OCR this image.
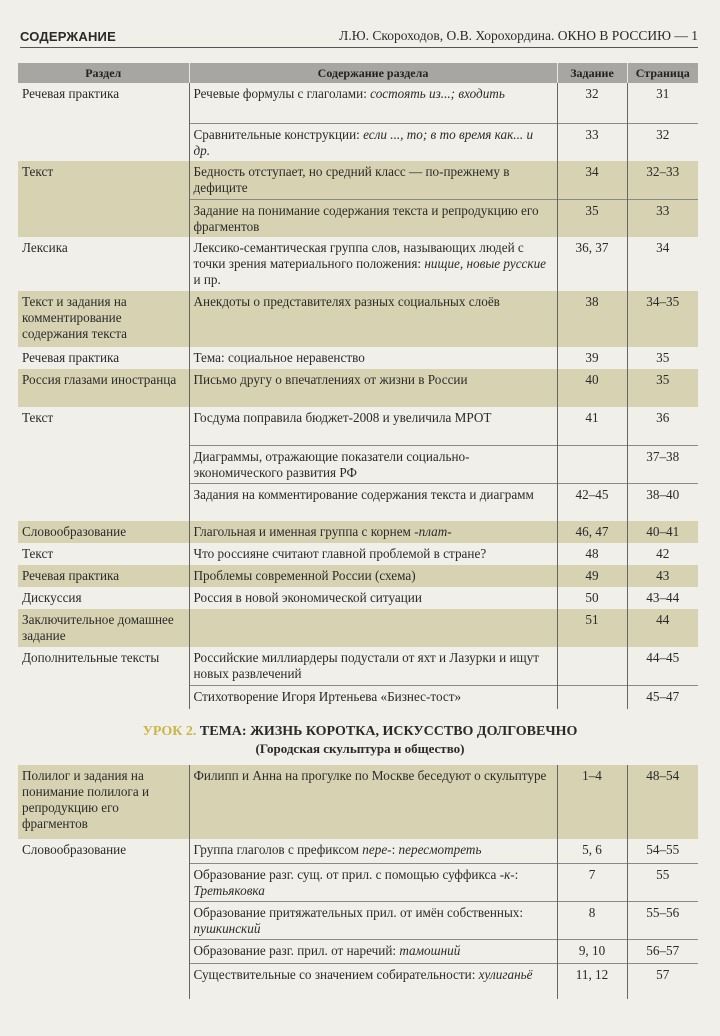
СОДЕРЖАНИЕ	Л.Ю. Скороходов, О.В. Хорохордина. ОКНО В РОССИЮ — 1
Раздел	Содержание раздела	Задание	Страница
Речевая практика	Речевые формулы с глаголами: состоять из...; входить	32	31
	Сравнительные конструкции: если ..., то; в то время как... и др.	33	32
Текст	Бедность отступает, но средний класс — по-прежнему в дефиците	34	32–33
	Задание на понимание содержания текста и репродукцию его фрагментов	35	33
Лексика	Лексико-семантическая группа слов, называющих людей с точки зрения материального положения: нищие, новые русские и пр.	36, 37	34
Текст и задания на комментирование содержания текста	Анекдоты о представителях разных социальных слоёв	38	34–35
Речевая практика	Тема: социальное неравенство	39	35
Россия глазами иностранца	Письмо другу о впечатлениях от жизни в России	40	35
Текст	Госдума поправила бюджет-2008 и увеличила МРОТ	41	36
	Диаграммы, отражающие показатели социально-экономического развития РФ		37–38
	Задания на комментирование содержания текста и диаграмм	42–45	38–40
Словообразование	Глагольная и именная группа с корнем -плат-	46, 47	40–41
Текст	Что россияне считают главной проблемой в стране?	48	42
Речевая практика	Проблемы современной России (схема)	49	43
Дискуссия	Россия в новой экономической ситуации	50	43–44
Заключительное домашнее задание		51	44
Дополнительные тексты	Российские миллиардеры подустали от яхт и Лазурки и ищут новых развлечений		44–45
	Стихотворение Игоря Иртеньева «Бизнес-тост»		45–47
УРОК 2. ТЕМА: ЖИЗНЬ КОРОТКА, ИСКУССТВО ДОЛГОВЕЧНО
(Городская скульптура и общество)
Полилог и задания на понимание полилога и репродукцию его фрагментов	Филипп и Анна на прогулке по Москве беседуют о скульптуре	1–4	48–54
Словообразование	Группа глаголов с префиксом пере-: пересмотреть	5, 6	54–55
	Образование разг. сущ. от прил. с помощью суффикса -к-: Третьяковка	7	55
	Образование притяжательных прил. от имён собственных: пушкинский	8	55–56
	Образование разг. прил. от наречий: тамошний	9, 10	56–57
	Существительные со значением собирательности: хулиганьё	11, 12	57
